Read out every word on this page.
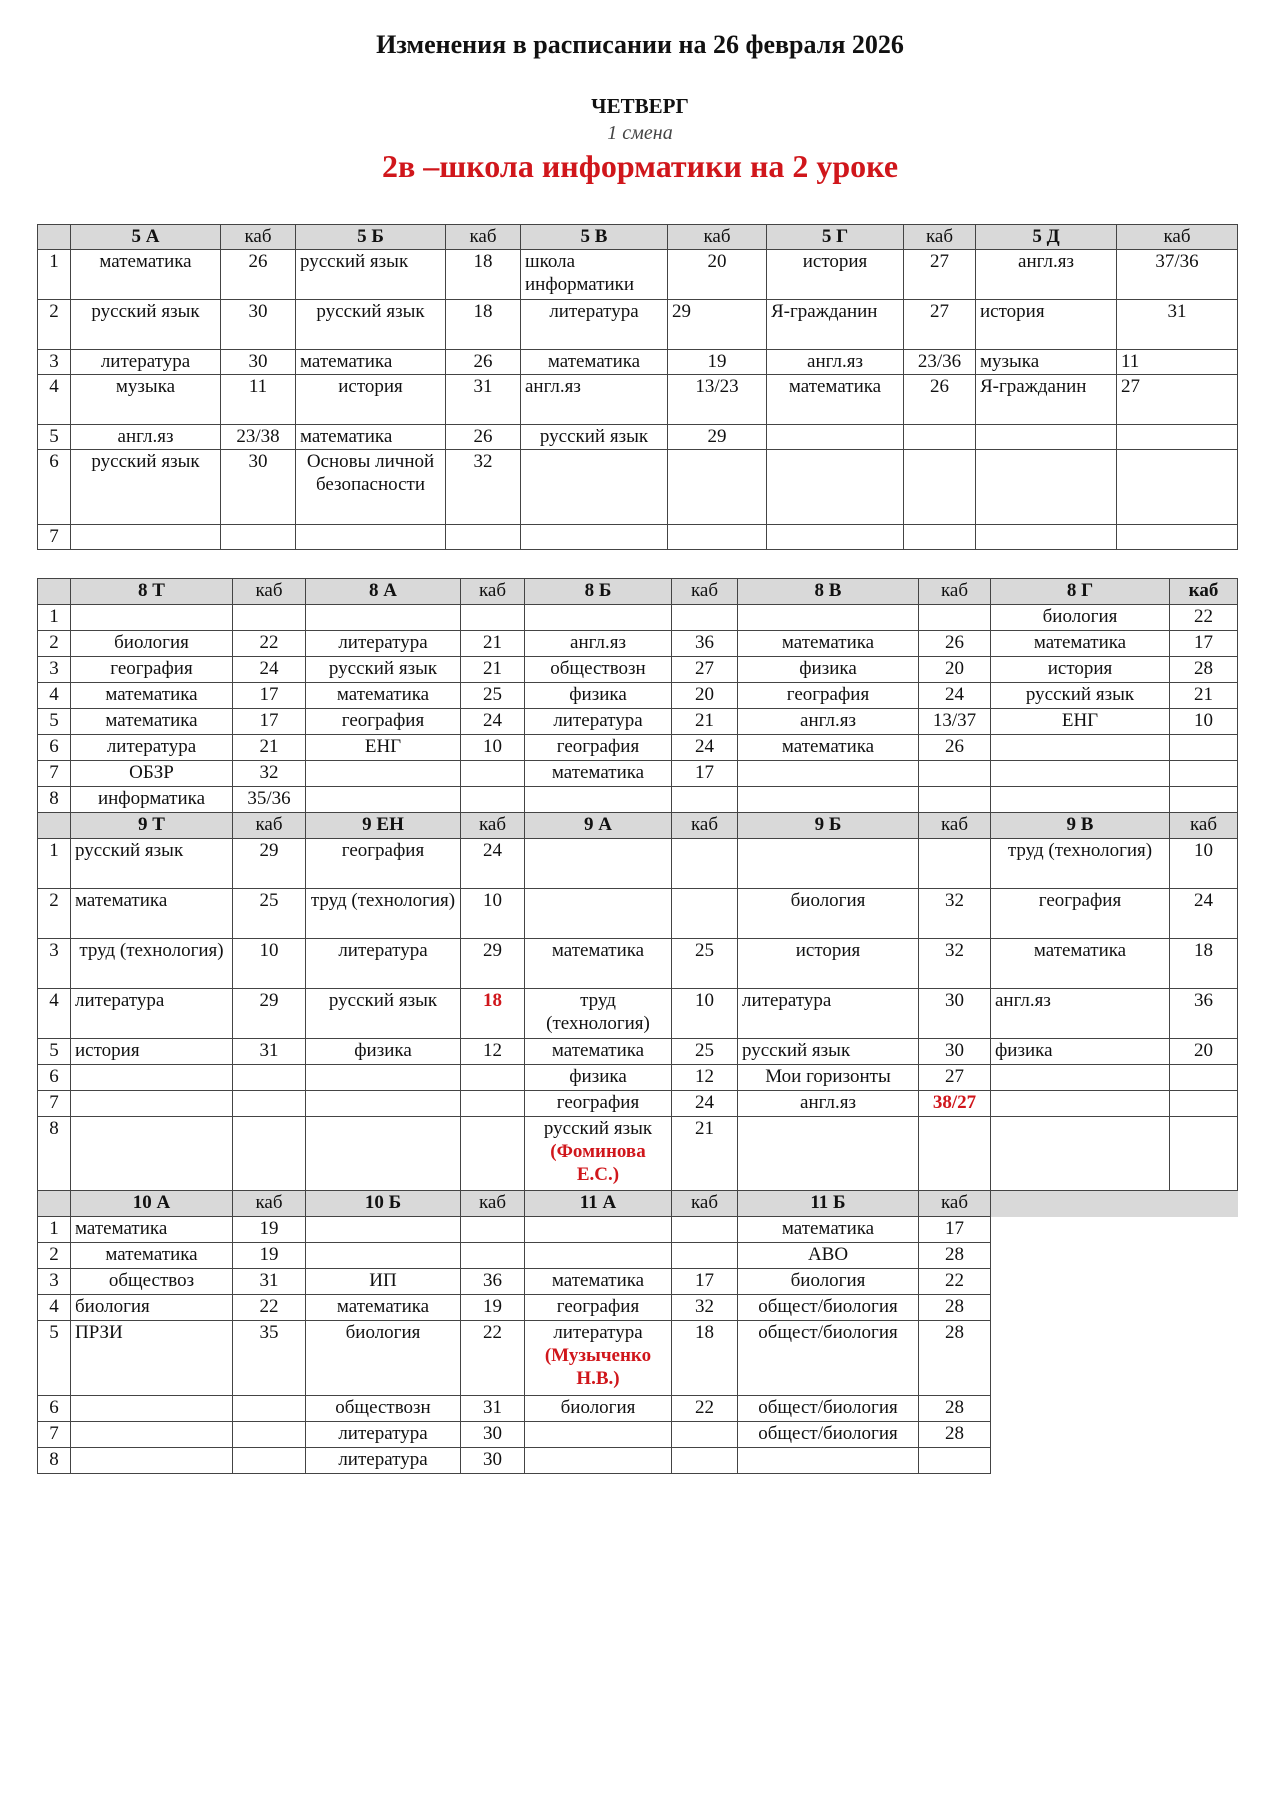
Изменения в расписании на 26 февраля 2026
ЧЕТВЕРГ
1 смена
2в –школа информатики на 2 уроке
	5 А	каб	5 Б	каб	5 В	каб	5 Г	каб	5 Д	каб
1	математика	26	русский язык	18	школа информатики	20	история	27	англ.яз	37/36
2	русский язык	30	русский язык	18	литература	29	Я-гражданин	27	история	31
3	литература	30	математика	26	математика	19	англ.яз	23/36	музыка	11
4	музыка	11	история	31	англ.яз	13/23	математика	26	Я-гражданин	27
5	англ.яз	23/38	математика	26	русский язык	29				
6	русский язык	30	Основы личной безопасности	32						
7										
	8 Т	каб	8 А	каб	8 Б	каб	8 В	каб	8 Г	каб
1									биология	22
2	биология	22	литература	21	англ.яз	36	математика	26	математика	17
3	география	24	русский язык	21	обществозн	27	физика	20	история	28
4	математика	17	математика	25	физика	20	география	24	русский язык	21
5	математика	17	география	24	литература	21	англ.яз	13/37	ЕНГ	10
6	литература	21	ЕНГ	10	география	24	математика	26		
7	ОБЗР	32			математика	17				
8	информатика	35/36								
	9 Т	каб	9 ЕН	каб	9 А	каб	9 Б	каб	9 В	каб
1	русский язык	29	география	24					труд (технология)	10
2	математика	25	труд (технология)	10			биология	32	география	24
3	труд (технология)	10	литература	29	математика	25	история	32	математика	18
4	литература	29	русский язык	18	труд (технология)	10	литература	30	англ.яз	36
5	история	31	физика	12	математика	25	русский язык	30	физика	20
6					физика	12	Мои горизонты	27		
7					география	24	англ.яз	38/27		
8					русский язык
(Фоминова Е.С.)	21				
	10 А	каб	10 Б	каб	11 А	каб	11 Б	каб		
1	математика	19					математика	17		
2	математика	19					АВО	28		
3	обществоз	31	ИП	36	математика	17	биология	22		
4	биология	22	математика	19	география	32	общест/биология	28		
5	ПРЗИ	35	биология	22	литература
(Музыченко Н.В.)	18	общест/биология	28		
6			обществозн	31	биология	22	общест/биология	28		
7			литература	30			общест/биология	28		
8			литература	30						
